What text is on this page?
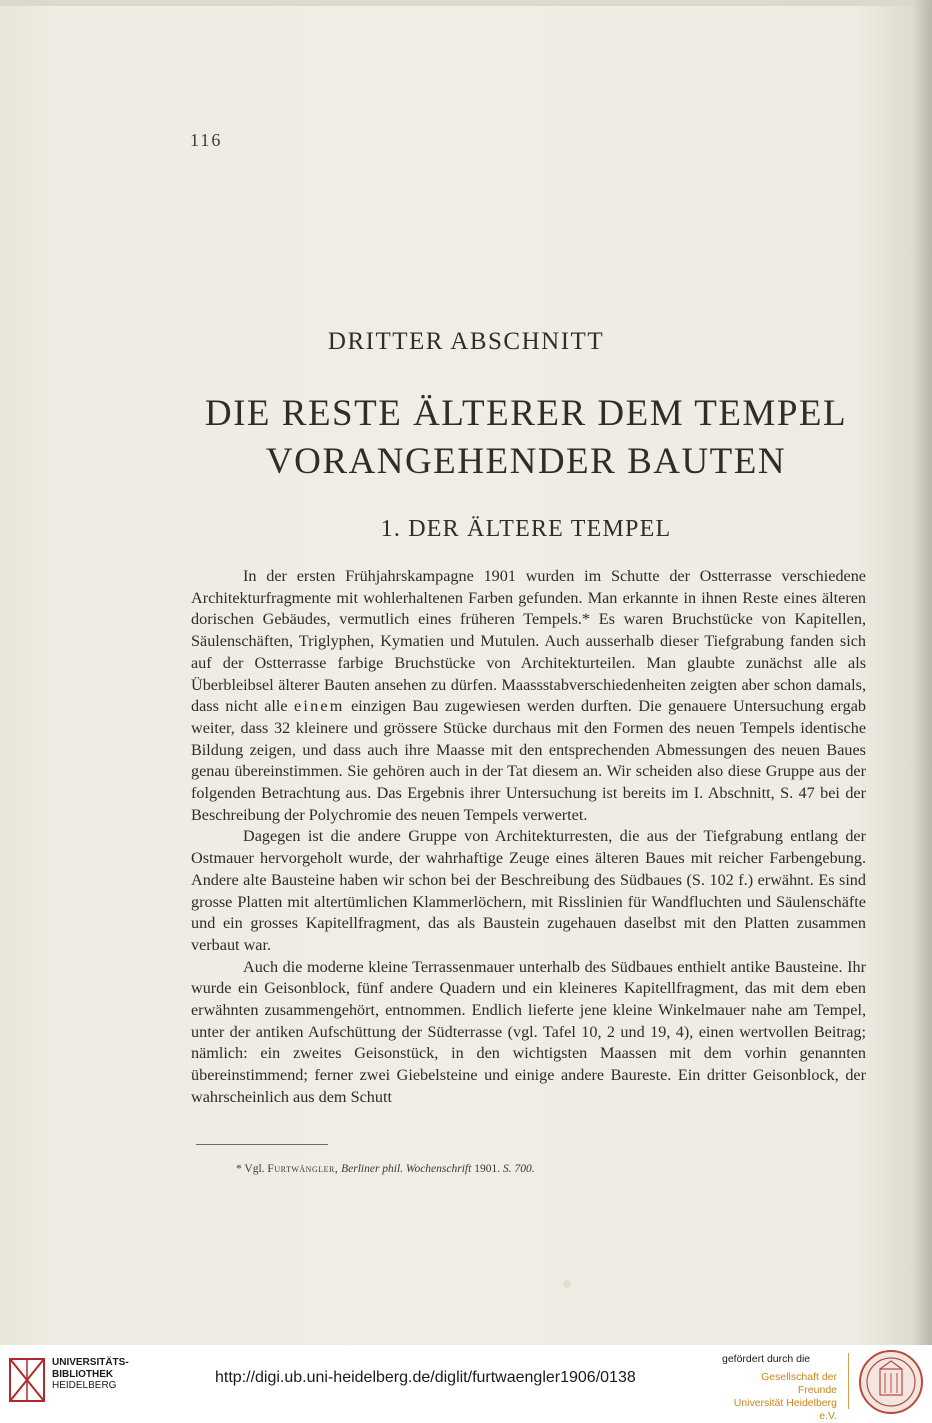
116
DRITTER ABSCHNITT
DIE RESTE ÄLTERER DEM TEMPEL
VORANGEHENDER BAUTEN
1. DER ÄLTERE TEMPEL

In der ersten Frühjahrskampagne 1901 wurden im Schutte der Ostterrasse verschiedene Architekturfragmente mit wohlerhaltenen Farben gefunden. Man erkannte in ihnen Reste eines älteren dorischen Gebäudes, vermutlich eines früheren Tempels.* Es waren Bruchstücke von Kapitellen, Säulenschäften, Triglyphen, Kymatien und Mutulen. Auch ausserhalb dieser Tiefgrabung fanden sich auf der Ostterrasse farbige Bruchstücke von Architekturteilen. Man glaubte zunächst alle als Überbleibsel älterer Bauten ansehen zu dürfen. Maassstabverschiedenheiten zeigten aber schon damals, dass nicht alle einem einzigen Bau zugewiesen werden durften. Die genauere Untersuchung ergab weiter, dass 32 kleinere und grössere Stücke durchaus mit den Formen des neuen Tempels identische Bildung zeigen, und dass auch ihre Maasse mit den entsprechenden Abmessungen des neuen Baues genau übereinstimmen. Sie gehören auch in der Tat diesem an. Wir scheiden also diese Gruppe aus der folgenden Betrachtung aus. Das Ergebnis ihrer Untersuchung ist bereits im I. Abschnitt, S. 47 bei der Beschreibung der Polychromie des neuen Tempels verwertet.

Dagegen ist die andere Gruppe von Architekturresten, die aus der Tiefgrabung entlang der Ostmauer hervorgeholt wurde, der wahrhaftige Zeuge eines älteren Baues mit reicher Farbengebung. Andere alte Bausteine haben wir schon bei der Beschreibung des Südbaues (S. 102 f.) erwähnt. Es sind grosse Platten mit altertümlichen Klammerlöchern, mit Risslinien für Wandfluchten und Säulenschäfte und ein grosses Kapitellfragment, das als Baustein zugehauen daselbst mit den Platten zusammen verbaut war.

Auch die moderne kleine Terrassenmauer unterhalb des Südbaues enthielt antike Bausteine. Ihr wurde ein Geisonblock, fünf andere Quadern und ein kleineres Kapitellfragment, das mit dem eben erwähnten zusammengehört, entnommen. Endlich lieferte jene kleine Winkelmauer nahe am Tempel, unter der antiken Aufschüttung der Südterrasse (vgl. Tafel 10, 2 und 19, 4), einen wertvollen Beitrag; nämlich: ein zweites Geisonstück, in den wichtigsten Maassen mit dem vorhin genannten übereinstimmend; ferner zwei Giebelsteine und einige andere Baureste. Ein dritter Geisonblock, der wahrscheinlich aus dem Schutt

* Vgl. Furtwängler, Berliner phil. Wochenschrift 1901. S. 700.
UNIVERSITÄTS-
BIBLIOTHEK
HEIDELBERG	http://digi.ub.uni-heidelberg.de/diglit/furtwaengler1906/0138
gefördert durch die
Gesellschaft der Freunde
Universität Heidelberg e.V.
